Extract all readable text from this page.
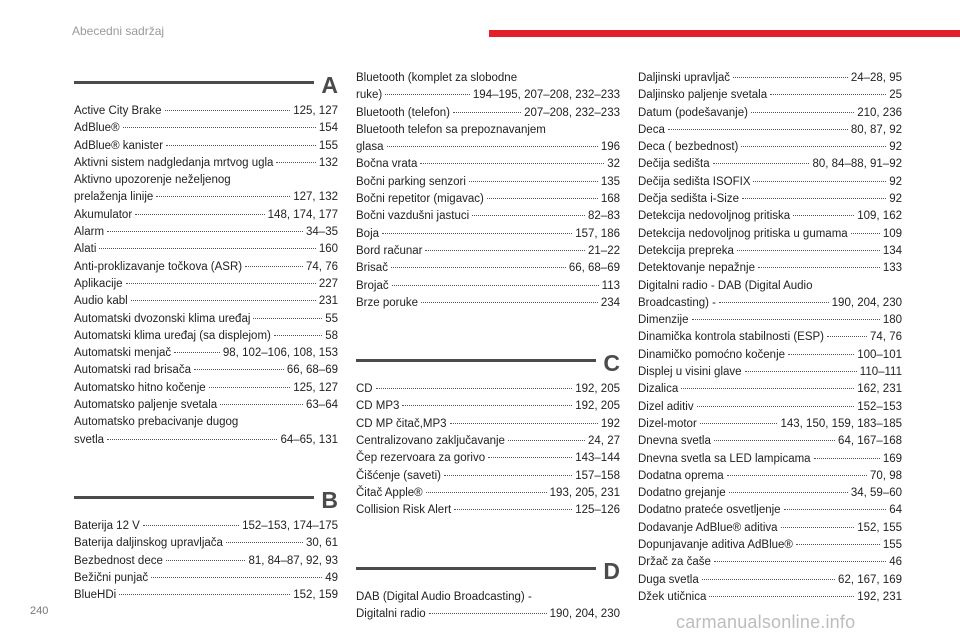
Abecedni sadržaj
A
Active City Brake	125, 127
AdBlue®	154
AdBlue® kanister	155
Aktivni sistem nadgledanja mrtvog ugla	132
Aktivno upozorenje neželjenog
prelaženja linije	127, 132
Akumulator	148, 174, 177
Alarm	34–35
Alati	160
Anti-proklizavanje točkova (ASR)	74, 76
Aplikacije	227
Audio kabl	231
Automatski dvozonski klima uređaj	55
Automatski klima uređaj (sa displejom)	58
Automatski menjač	98, 102–106, 108, 153
Automatski rad brisača	66, 68–69
Automatsko hitno kočenje	125, 127
Automatsko paljenje svetala	63–64
Automatsko prebacivanje dugog
svetla	64–65, 131
B
Baterija 12 V	152–153, 174–175
Baterija daljinskog upravljača	30, 61
Bezbednost dece	81, 84–87, 92, 93
Bežični punjač	49
BlueHDi	152, 159
Bluetooth (komplet za slobodne
ruke)	194–195, 207–208, 232–233
Bluetooth (telefon)	207–208, 232–233
Bluetooth telefon sa prepoznavanjem
glasa	196
Bočna vrata	32
Bočni parking senzori	135
Bočni repetitor (migavac)	168
Bočni vazdušni jastuci	82–83
Boja	157, 186
Bord računar	21–22
Brisač	66, 68–69
Brojač	113
Brze poruke	234
C
CD	192, 205
CD MP3	192, 205
CD MP čitač,MP3	192
Centralizovano zaključavanje	24, 27
Čep rezervoara za gorivo	143–144
Čišćenje (saveti)	157–158
Čitač Apple®	193, 205, 231
Collision Risk Alert	125–126
D
DAB (Digital Audio Broadcasting) -
Digitalni radio	190, 204, 230
Daljinski upravljač	24–28, 95
Daljinsko paljenje svetala	25
Datum (podešavanje)	210, 236
Deca	80, 87, 92
Deca ( bezbednost)	92
Dečija sedišta	80, 84–88, 91–92
Dečija sedišta ISOFIX	92
Dečja sedišta i-Size	92
Detekcija nedovoljnog pritiska	109, 162
Detekcija nedovoljnog pritiska u gumama	109
Detekcija prepreka	134
Detektovanje nepažnje	133
Digitalni radio - DAB (Digital Audio
Broadcasting) -	190, 204, 230
Dimenzije	180
Dinamička kontrola stabilnosti (ESP)	74, 76
Dinamičko pomoćno kočenje	100–101
Displej u visini glave	110–111
Dizalica	162, 231
Dizel aditiv	152–153
Dizel-motor	143, 150, 159, 183–185
Dnevna svetla	64, 167–168
Dnevna svetla sa LED lampicama	169
Dodatna oprema	70, 98
Dodatno grejanje	34, 59–60
Dodatno prateće osvetljenje	64
Dodavanje AdBlue® aditiva	152, 155
Dopunjavanje aditiva AdBlue®	155
Držač za čaše	46
Duga svetla	62, 167, 169
Džek utičnica	192, 231
240
carmanualsonline.info
